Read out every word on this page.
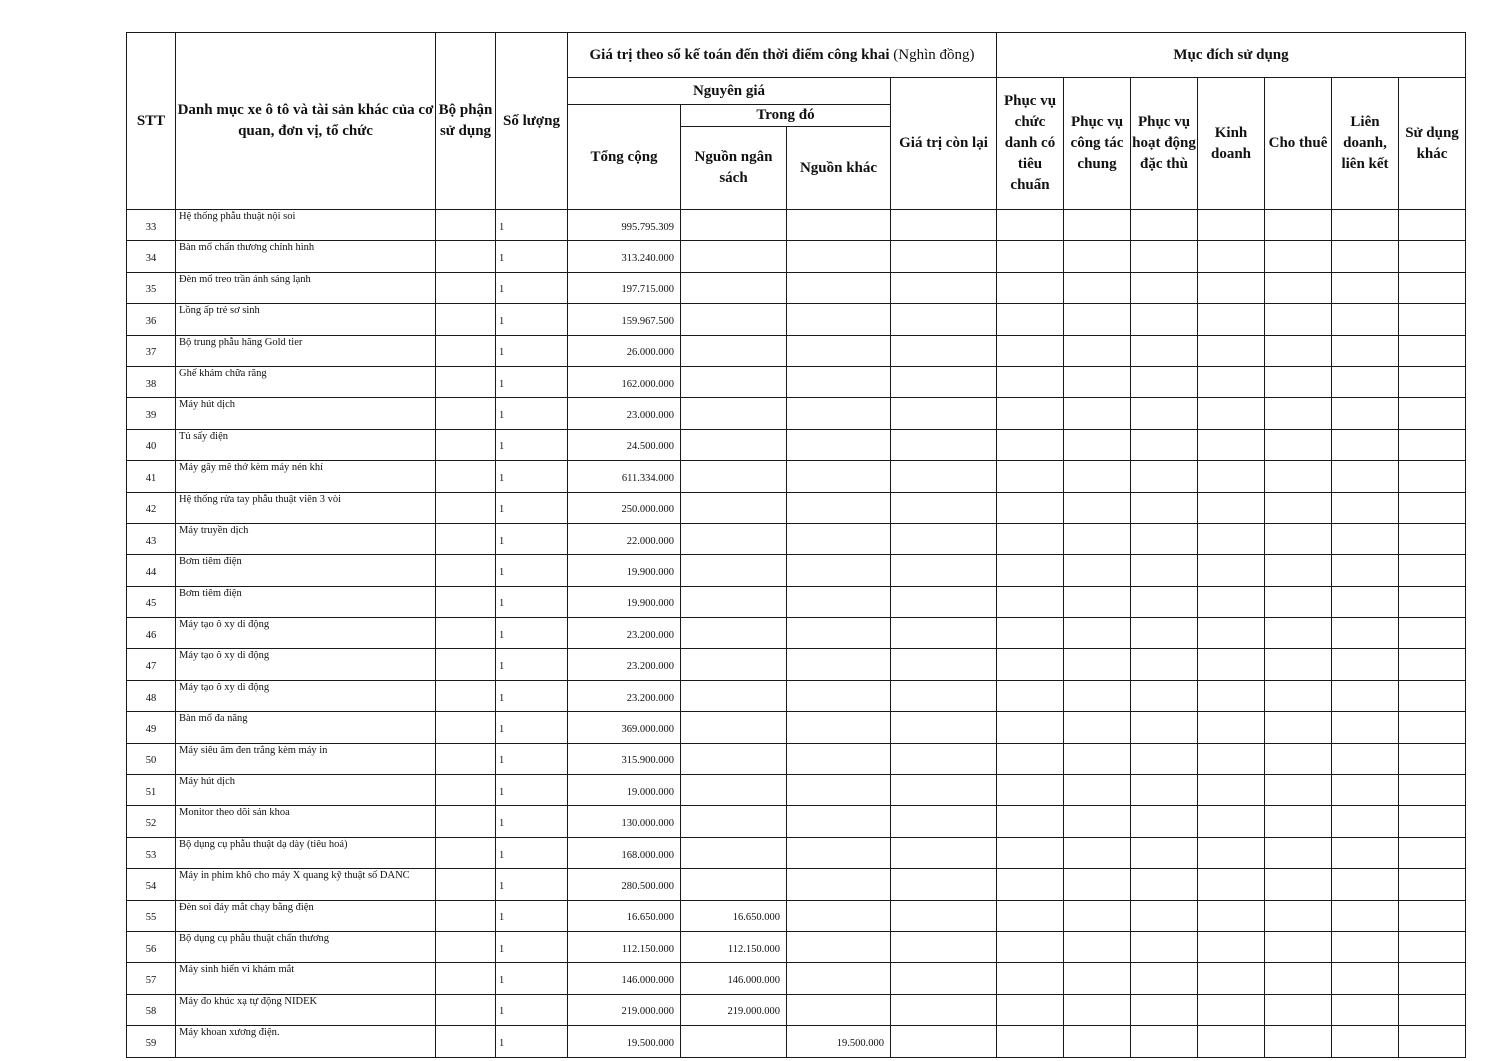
STT	Danh mục xe ô tô và tài sản khác của cơ quan, đơn vị, tổ chức	Bộ phận sử dụng	Số lượng	Giá trị theo sổ kế toán đến thời điểm công khai (Nghìn đồng)				Mục đích sử dụng						
				Nguyên giá			Giá trị còn lại	Phục vụ chức danh có tiêu chuẩn	Phục vụ công tác chung	Phục vụ hoạt động đặc thù	Kinh doanh	Cho thuê	Liên doanh, liên kết	Sử dụng khác
				Tổng cộng	Trong đó									
					Nguồn ngân sách	Nguồn khác								
33	Hệ thống phẫu thuật nội soi		1	995.795.309										
34	Bàn mổ chấn thương chỉnh hình		1	313.240.000										
35	Đèn mổ treo trần ánh sáng lạnh		1	197.715.000										
36	Lồng ấp trẻ sơ sinh		1	159.967.500										
37	Bộ trung phẫu hãng Gold tier		1	26.000.000										
38	Ghế khám chữa răng		1	162.000.000										
39	Máy hút dịch		1	23.000.000										
40	Tủ sấy điện		1	24.500.000										
41	Máy gây mê thở kèm máy nén khí		1	611.334.000										
42	Hệ thống rửa tay phẫu thuật viên 3 vòi		1	250.000.000										
43	Máy truyền dịch		1	22.000.000										
44	Bơm tiêm điện		1	19.900.000										
45	Bơm tiêm điện		1	19.900.000										
46	Máy tạo ô xy di động		1	23.200.000										
47	Máy tạo ô xy di động		1	23.200.000										
48	Máy tạo ô xy di động		1	23.200.000										
49	Bàn mổ đa năng		1	369.000.000										
50	Máy siêu âm đen trắng kèm máy in		1	315.900.000										
51	Máy hút dịch		1	19.000.000										
52	Monitor theo dõi sản khoa		1	130.000.000										
53	Bộ dụng cụ phẫu thuật dạ dày (tiêu hoá)		1	168.000.000										
54	Máy in phim khô cho máy X quang kỹ thuật số DANC		1	280.500.000										
55	Đèn soi đáy mắt chạy bằng điện		1	16.650.000	16.650.000									
56	Bộ dụng cụ phẫu thuật chấn thương		1	112.150.000	112.150.000									
57	Máy sinh hiển vi khám mắt		1	146.000.000	146.000.000									
58	Máy đo khúc xạ tự động NIDEK		1	219.000.000	219.000.000									
59	Máy khoan xương điện.		1	19.500.000		19.500.000								
